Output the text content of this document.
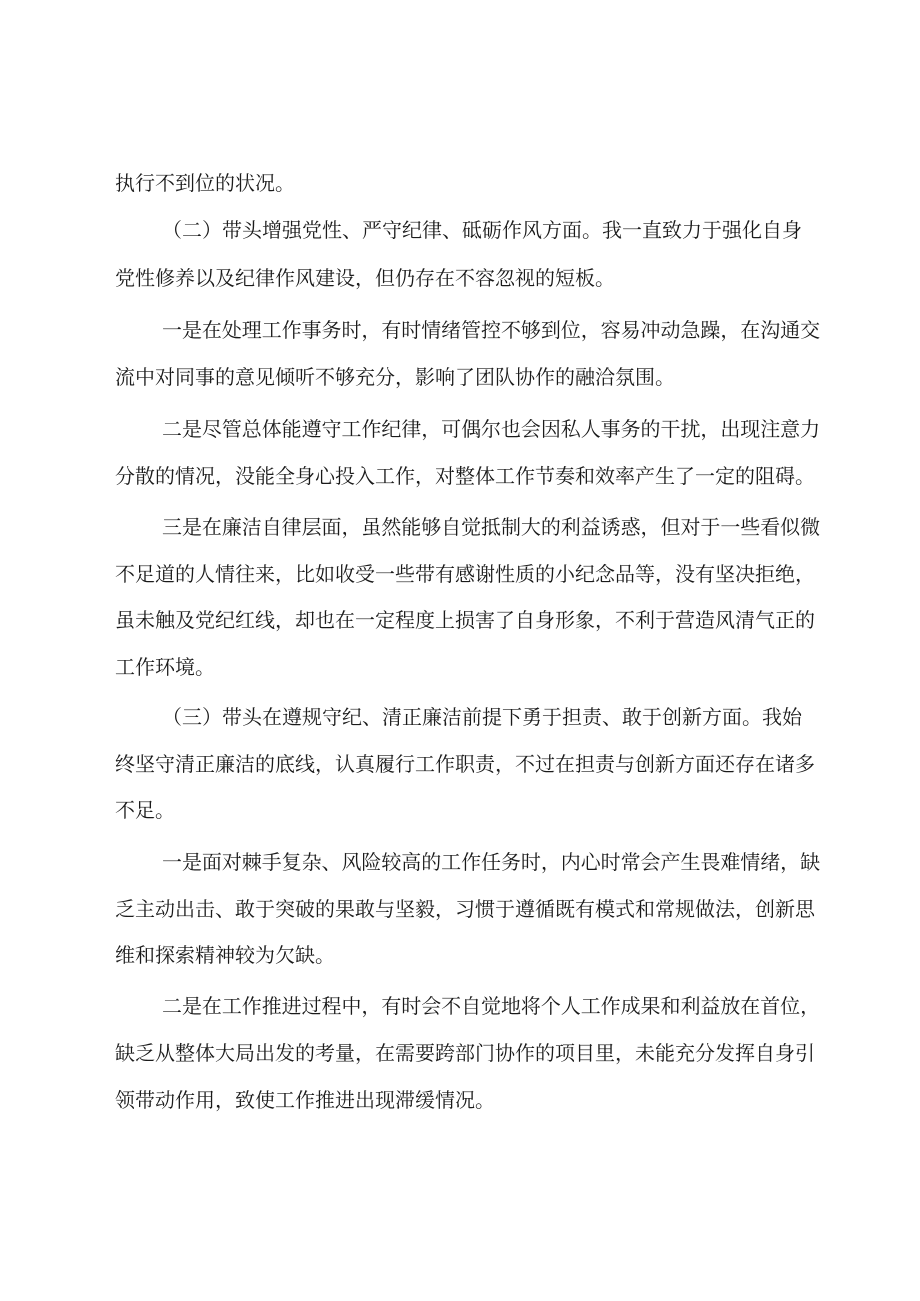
执行不到位的状况。

（二）带头增强党性、严守纪律、砥砺作风方面。我一直致力于强化自身

党性修养以及纪律作风建设，但仍存在不容忽视的短板。

一是在处理工作事务时，有时情绪管控不够到位，容易冲动急躁，在沟通交

流中对同事的意见倾听不够充分，影响了团队协作的融洽氛围。

二是尽管总体能遵守工作纪律，可偶尔也会因私人事务的干扰，出现注意力

分散的情况，没能全身心投入工作，对整体工作节奏和效率产生了一定的阻碍。

三是在廉洁自律层面，虽然能够自觉抵制大的利益诱惑，但对于一些看似微

不足道的人情往来，比如收受一些带有感谢性质的小纪念品等，没有坚决拒绝，

虽未触及党纪红线，却也在一定程度上损害了自身形象，不利于营造风清气正的

工作环境。

（三）带头在遵规守纪、清正廉洁前提下勇于担责、敢于创新方面。我始

终坚守清正廉洁的底线，认真履行工作职责，不过在担责与创新方面还存在诸多

不足。

一是面对棘手复杂、风险较高的工作任务时，内心时常会产生畏难情绪，缺

乏主动出击、敢于突破的果敢与坚毅，习惯于遵循既有模式和常规做法，创新思

维和探索精神较为欠缺。

二是在工作推进过程中，有时会不自觉地将个人工作成果和利益放在首位，

缺乏从整体大局出发的考量，在需要跨部门协作的项目里，未能充分发挥自身引

领带动作用，致使工作推进出现滞缓情况。
